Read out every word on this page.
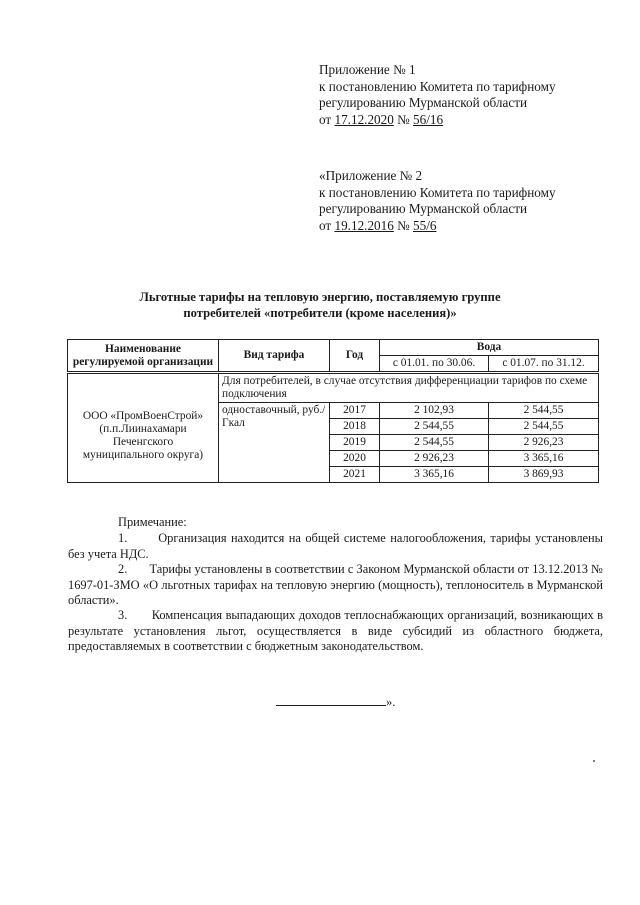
Приложение № 1
к постановлению Комитета по тарифному
регулированию Мурманской области
от 17.12.2020 № 56/16
«Приложение № 2
к постановлению Комитета по тарифному
регулированию Мурманской области
от 19.12.2016 № 55/6
Льготные тарифы на тепловую энергию, поставляемую группе
потребителей «потребители (кроме населения)»
Наименование регулируемой организации	Вид тарифа	Год	Вода	
			с 01.01. по 30.06.	с 01.07. по 31.12.
ООО «ПромВоенСтрой» (п.п.Лиинахамари Печенгского муниципального округа)	Для потребителей, в случае отсутствия дифференциации тарифов по схеме подключения			
	одноставочный, руб./Гкал	2017	2 102,93	2 544,55
		2018	2 544,55	2 544,55
		2019	2 544,55	2 926,23
		2020	2 926,23	3 365,16
		2021	3 365,16	3 869,93

Примечание:

1.       Организация находится на общей системе налогообложения, тарифы установлены без учета НДС.

2.       Тарифы установлены в соответствии с Законом Мурманской области от 13.12.2013 № 1697-01-ЗМО «О льготных тарифах на тепловую энергию (мощность), теплоноситель в Мурманской области».

3.       Компенсация выпадающих доходов теплоснабжающих организаций, возникающих в результате установления льгот, осуществляется в виде субсидий из областного бюджета, предоставляемых в соответствии с бюджетным законодательством.

».
